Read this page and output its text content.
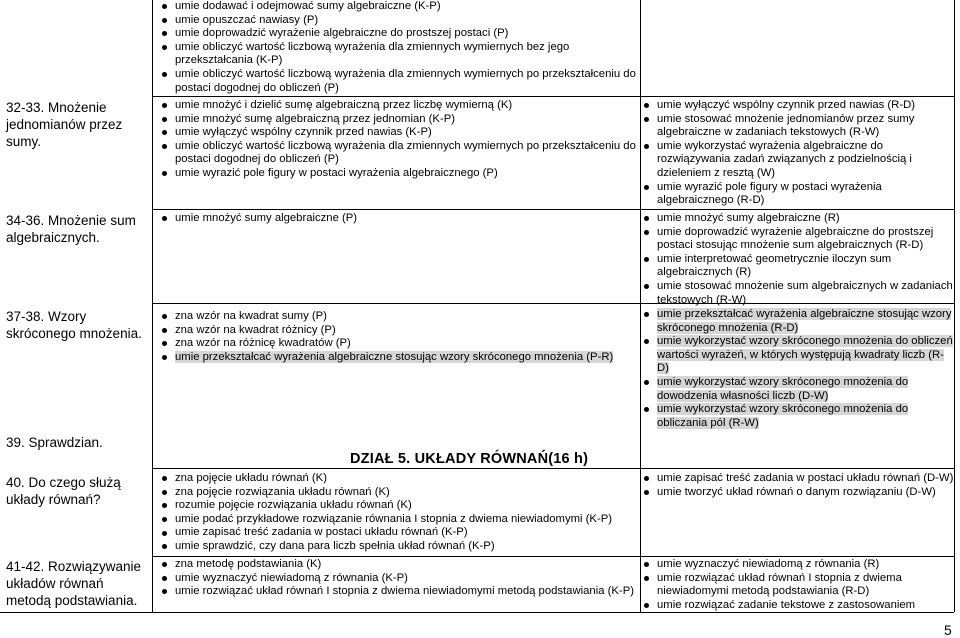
32-33. Mnożenie jednomianów przez sumy.
34-36. Mnożenie sum algebraicznych.
37-38. Wzory skróconego mnożenia.
39. Sprawdzian.
40. Do czego służą układy równań?
41-42. Rozwiązywanie układów równań metodą podstawiania.
umie dodawać i odejmować sumy algebraiczne (K-P)
umie opuszczać nawiasy (P)
umie doprowadzić wyrażenie algebraiczne do prostszej postaci (P)
umie obliczyć wartość liczbową wyrażenia dla zmiennych wymiernych bez jego przekształcania (K-P)
umie obliczyć wartość liczbową wyrażenia dla zmiennych wymiernych po przekształceniu do postaci dogodnej do obliczeń (P)
umie mnożyć i dzielić sumę algebraiczną przez liczbę wymierną (K)
umie mnożyć sumę algebraiczną przez jednomian (K-P)
umie wyłączyć wspólny czynnik przed nawias (K-P)
umie obliczyć wartość liczbową wyrażenia dla zmiennych wymiernych po przekształceniu do postaci dogodnej do obliczeń (P)
umie wyrazić pole figury w postaci wyrażenia algebraicznego (P)
umie wyłączyć wspólny czynnik przed nawias (R-D)
umie stosować mnożenie jednomianów przez sumy algebraiczne w zadaniach tekstowych (R-W)
umie wykorzystać wyrażenia algebraiczne do rozwiązywania zadań związanych z podzielnością i dzieleniem z resztą (W)
umie wyrazić pole figury w postaci wyrażenia algebraicznego (R-D)
umie mnożyć sumy algebraiczne (P)	umie mnożyć sumy algebraiczne (R)
umie doprowadzić wyrażenie algebraiczne do prostszej postaci stosując mnożenie sum algebraicznych (R-D)
umie interpretować geometrycznie iloczyn sum algebraicznych (R)
umie stosować mnożenie sum algebraicznych w zadaniach tekstowych (R-W)
zna wzór na kwadrat sumy (P)
zna wzór na kwadrat różnicy (P)
zna wzór na różnicę kwadratów (P)
umie przekształcać wyrażenia algebraiczne stosując wzory skróconego mnożenia (P-R)
umie przekształcać wyrażenia algebraiczne stosując wzory skróconego mnożenia (R-D)
umie wykorzystać wzory skróconego mnożenia do obliczeń wartości wyrażeń, w których występują kwadraty liczb (R-D)
umie wykorzystać wzory skróconego mnożenia do dowodzenia własności liczb (D-W)
umie wykorzystać wzory skróconego mnożenia do obliczania pól (R-W)
DZIAŁ 5. UKŁADY RÓWNAŃ(16 h)
zna pojęcie układu równań (K)
zna pojęcie rozwiązania układu równań (K)
rozumie pojęcie rozwiązania układu równań (K)
umie podać przykładowe rozwiązanie równania I stopnia z dwiema niewiadomymi (K-P)
umie zapisać treść zadania w postaci układu równań (K-P)
umie sprawdzić, czy dana para liczb spełnia układ równań (K-P)
umie zapisać treść zadania w postaci układu równań (D-W)
umie tworzyć układ równań o danym rozwiązaniu (D-W)
zna metodę podstawiania (K)
umie wyznaczyć niewiadomą z równania (K-P)
umie rozwiązać układ równań I stopnia z dwiema niewiadomymi metodą podstawiania (K-P)
umie wyznaczyć niewiadomą z równania (R)
umie rozwiązać układ równań I stopnia z dwiema niewiadomymi metodą podstawiania (R-D)
umie rozwiązać zadanie tekstowe z zastosowaniem
5
